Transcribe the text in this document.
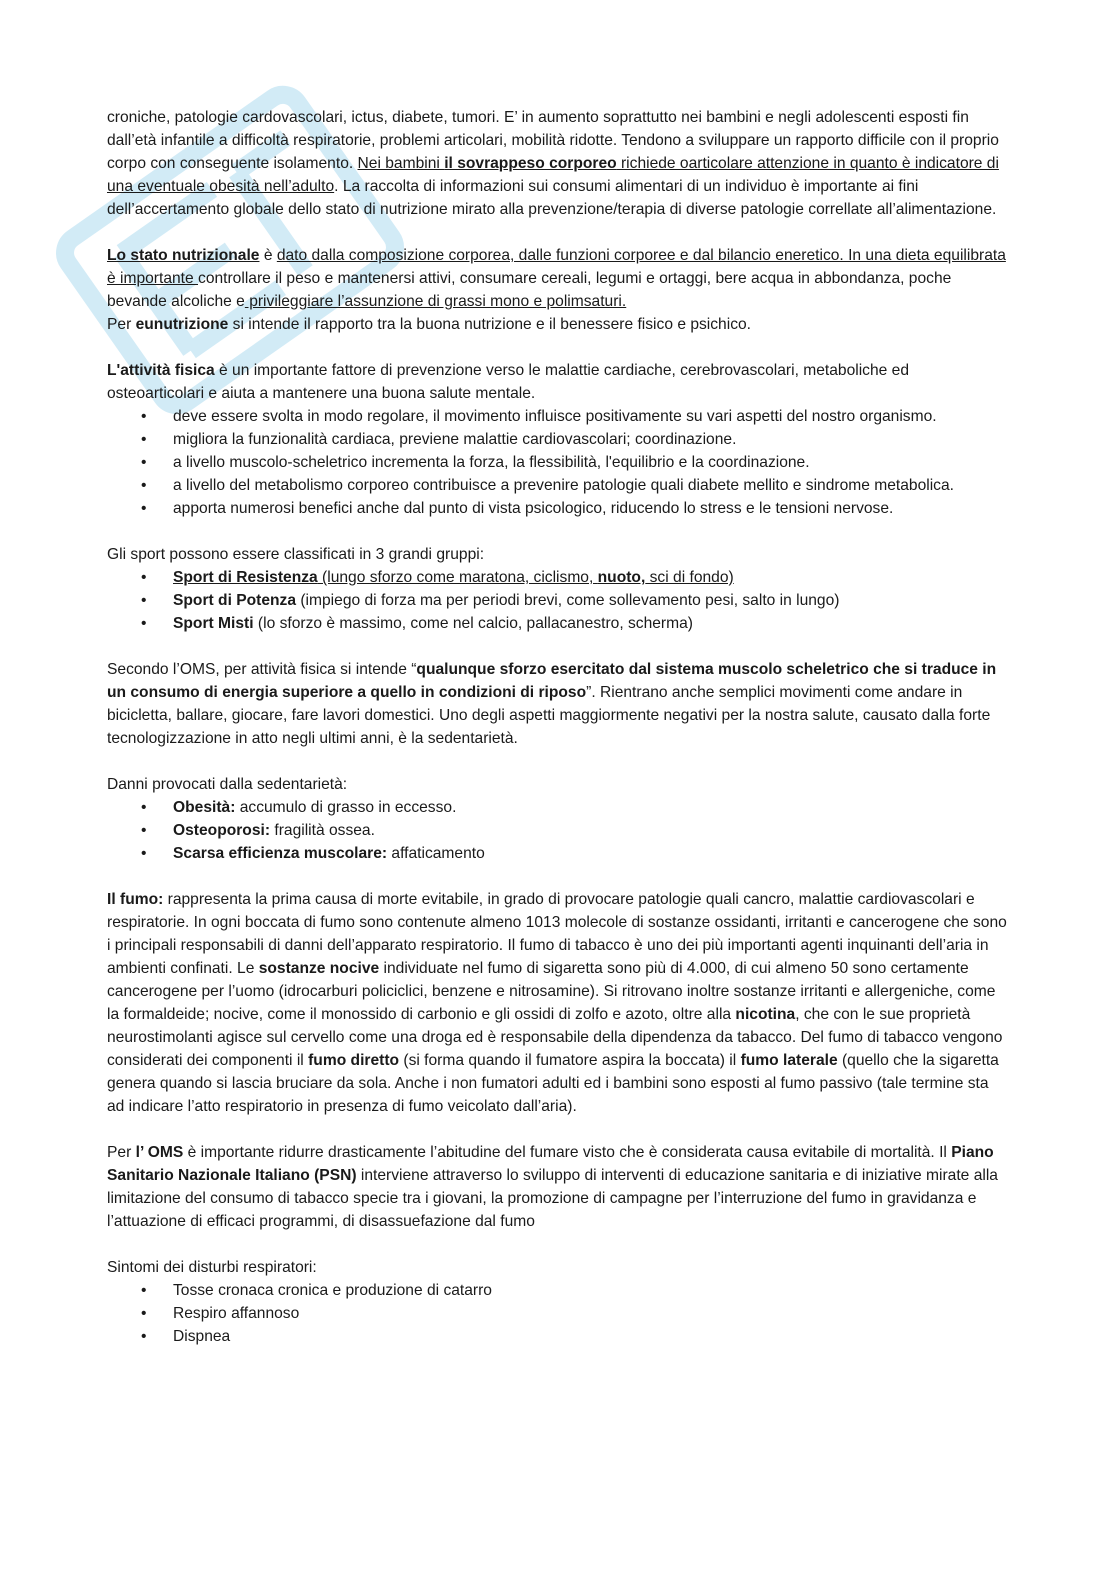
croniche, patologie cardovascolari, ictus, diabete, tumori. E’ in aumento soprattutto nei bambini e negli adolescenti esposti fin dall’età infantile a difficoltà respiratorie, problemi articolari, mobilità ridotte. Tendono a sviluppare un rapporto difficile con il proprio corpo con conseguente isolamento. Nei bambini il sovrappeso corporeo richiede oarticolare attenzione in quanto è indicatore di una eventuale obesità nell’adulto. La raccolta di informazioni sui consumi alimentari di un individuo è importante ai fini dell’accertamento globale dello stato di nutrizione mirato alla prevenzione/terapia di diverse patologie correllate all’alimentazione.

Lo stato nutrizionale è dato dalla composizione corporea, dalle funzioni corporee e dal bilancio eneretico. In una dieta equilibrata è importante controllare il peso e mantenersi attivi, consumare cereali, legumi e ortaggi, bere acqua in abbondanza, poche bevande alcoliche e privileggiare l’assunzione di grassi mono e polimsaturi.

Per eunutrizione si intende il rapporto tra la buona nutrizione e il benessere fisico e psichico.

L'attività fisica è un importante fattore di prevenzione verso le malattie cardiache, cerebrovascolari, metaboliche ed osteoarticolari e aiuta a mantenere una buona salute mentale.

• deve essere svolta in modo regolare, il movimento influisce positivamente su vari aspetti del nostro organismo.
• migliora la funzionalità cardiaca, previene malattie cardiovascolari; coordinazione.
• a livello muscolo-scheletrico incrementa la forza, la flessibilità, l'equilibrio e la coordinazione.
• a livello del metabolismo corporeo contribuisce a prevenire patologie quali diabete mellito e sindrome metabolica.
• apporta numerosi benefici anche dal punto di vista psicologico, riducendo lo stress e le tensioni nervose.

Gli sport possono essere classificati in 3 grandi gruppi:

• Sport di Resistenza (lungo sforzo come maratona, ciclismo, nuoto, sci di fondo)
• Sport di Potenza (impiego di forza ma per periodi brevi, come sollevamento pesi, salto in lungo)
• Sport Misti (lo sforzo è massimo, come nel calcio, pallacanestro, scherma)

Secondo l’OMS, per attività fisica si intende “qualunque sforzo esercitato dal sistema muscolo scheletrico che si traduce in un consumo di energia superiore a quello in condizioni di riposo”. Rientrano anche semplici movimenti come andare in bicicletta, ballare, giocare, fare lavori domestici. Uno degli aspetti maggiormente negativi per la nostra salute, causato dalla forte tecnologizzazione in atto negli ultimi anni, è la sedentarietà.

Danni provocati dalla sedentarietà:

• Obesità: accumulo di grasso in eccesso.
• Osteoporosi: fragilità ossea.
• Scarsa efficienza muscolare: affaticamento

Il fumo: rappresenta la prima causa di morte evitabile, in grado di provocare patologie quali cancro, malattie cardiovascolari e respiratorie. In ogni boccata di fumo sono contenute almeno 1013 molecole di sostanze ossidanti, irritanti e cancerogene che sono i principali responsabili di danni dell’apparato respiratorio. Il fumo di tabacco è uno dei più importanti agenti inquinanti dell’aria in ambienti confinati. Le sostanze nocive individuate nel fumo di sigaretta sono più di 4.000, di cui almeno 50 sono certamente cancerogene per l’uomo (idrocarburi policiclici, benzene e nitrosamine). Si ritrovano inoltre sostanze irritanti e allergeniche, come la formaldeide; nocive, come il monossido di carbonio e gli ossidi di zolfo e azoto, oltre alla nicotina, che con le sue proprietà neurostimolanti agisce sul cervello come una droga ed è responsabile della dipendenza da tabacco. Del fumo di tabacco vengono considerati dei componenti il fumo diretto (si forma quando il fumatore aspira la boccata) il fumo laterale (quello che la sigaretta genera quando si lascia bruciare da sola. Anche i non fumatori adulti ed i bambini sono esposti al fumo passivo (tale termine sta ad indicare l’atto respiratorio in presenza di fumo veicolato dall’aria).

Per l’ OMS è importante ridurre drasticamente l’abitudine del fumare visto che è considerata causa evitabile di mortalità. Il Piano Sanitario Nazionale Italiano (PSN) interviene attraverso lo sviluppo di interventi di educazione sanitaria e di iniziative mirate alla limitazione del consumo di tabacco specie tra i giovani, la promozione di campagne per l’interruzione del fumo in gravidanza e l’attuazione di efficaci programmi, di disassuefazione dal fumo

Sintomi dei disturbi respiratori:

• Tosse cronaca cronica e produzione di catarro
• Respiro affannoso
• Dispnea
